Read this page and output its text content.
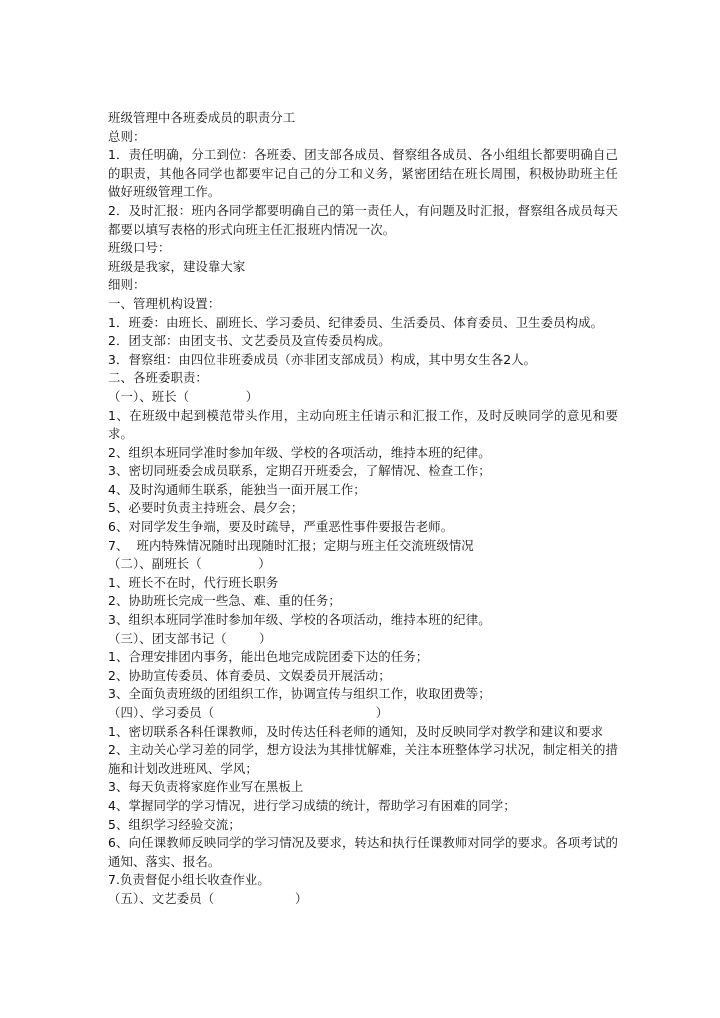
班级管理中各班委成员的职责分工
总则：
1．责任明确，分工到位：各班委、团支部各成员、督察组各成员、各小组组长都要明确自己的职责，其他各同学也都要牢记自己的分工和义务，紧密团结在班长周围，积极协助班主任做好班级管理工作。
2．及时汇报：班内各同学都要明确自己的第一责任人，有问题及时汇报，督察组各成员每天都要以填写表格的形式向班主任汇报班内情况一次。
班级口号：
班级是我家，建设靠大家
细则：
一、管理机构设置：
1．班委：由班长、副班长、学习委员、纪律委员、生活委员、体育委员、卫生委员构成。
2．团支部：由团支书、文艺委员及宣传委员构成。
3．督察组：由四位非班委成员（亦非团支部成员）构成，其中男女生各2人。
二、各班委职责：
（一）、班长（              ）
1、在班级中起到模范带头作用，主动向班主任请示和汇报工作，及时反映同学的意见和要求。
2、组织本班同学准时参加年级、学校的各项活动，维持本班的纪律。
3、密切同班委会成员联系，定期召开班委会，了解情况、检查工作；
4、及时沟通师生联系，能独当一面开展工作；
5、必要时负责主持班会、晨夕会；
6、对同学发生争端，要及时疏导，严重恶性事件要报告老师。
7、  班内特殊情况随时出现随时汇报；定期与班主任交流班级情况
（二）、副班长（              ）
1、班长不在时，代行班长职务
2、协助班长完成一些急、难、重的任务；
3、组织本班同学准时参加年级、学校的各项活动，维持本班的纪律。
（三）、团支部书记（        ）
1、合理安排团内事务，能出色地完成院团委下达的任务；
2、协助宣传委员、体育委员、文娱委员开展活动；
3、全面负责班级的团组织工作，协调宣传与组织工作，收取团费等；
（四）、学习委员（                                        ）
1、密切联系各科任课教师，及时传达任科老师的通知，及时反映同学对教学和建议和要求
2、主动关心学习差的同学，想方设法为其排忧解难，关注本班整体学习状况，制定相关的措施和计划改进班风、学风；
3、每天负责将家庭作业写在黑板上
4、掌握同学的学习情况，进行学习成绩的统计，帮助学习有困难的同学；
5、组织学习经验交流；
6、向任课教师反映同学的学习情况及要求，转达和执行任课教师对同学的要求。各项考试的通知、落实、报名。
7.负责督促小组长收查作业。
（五）、文艺委员（                    ）
